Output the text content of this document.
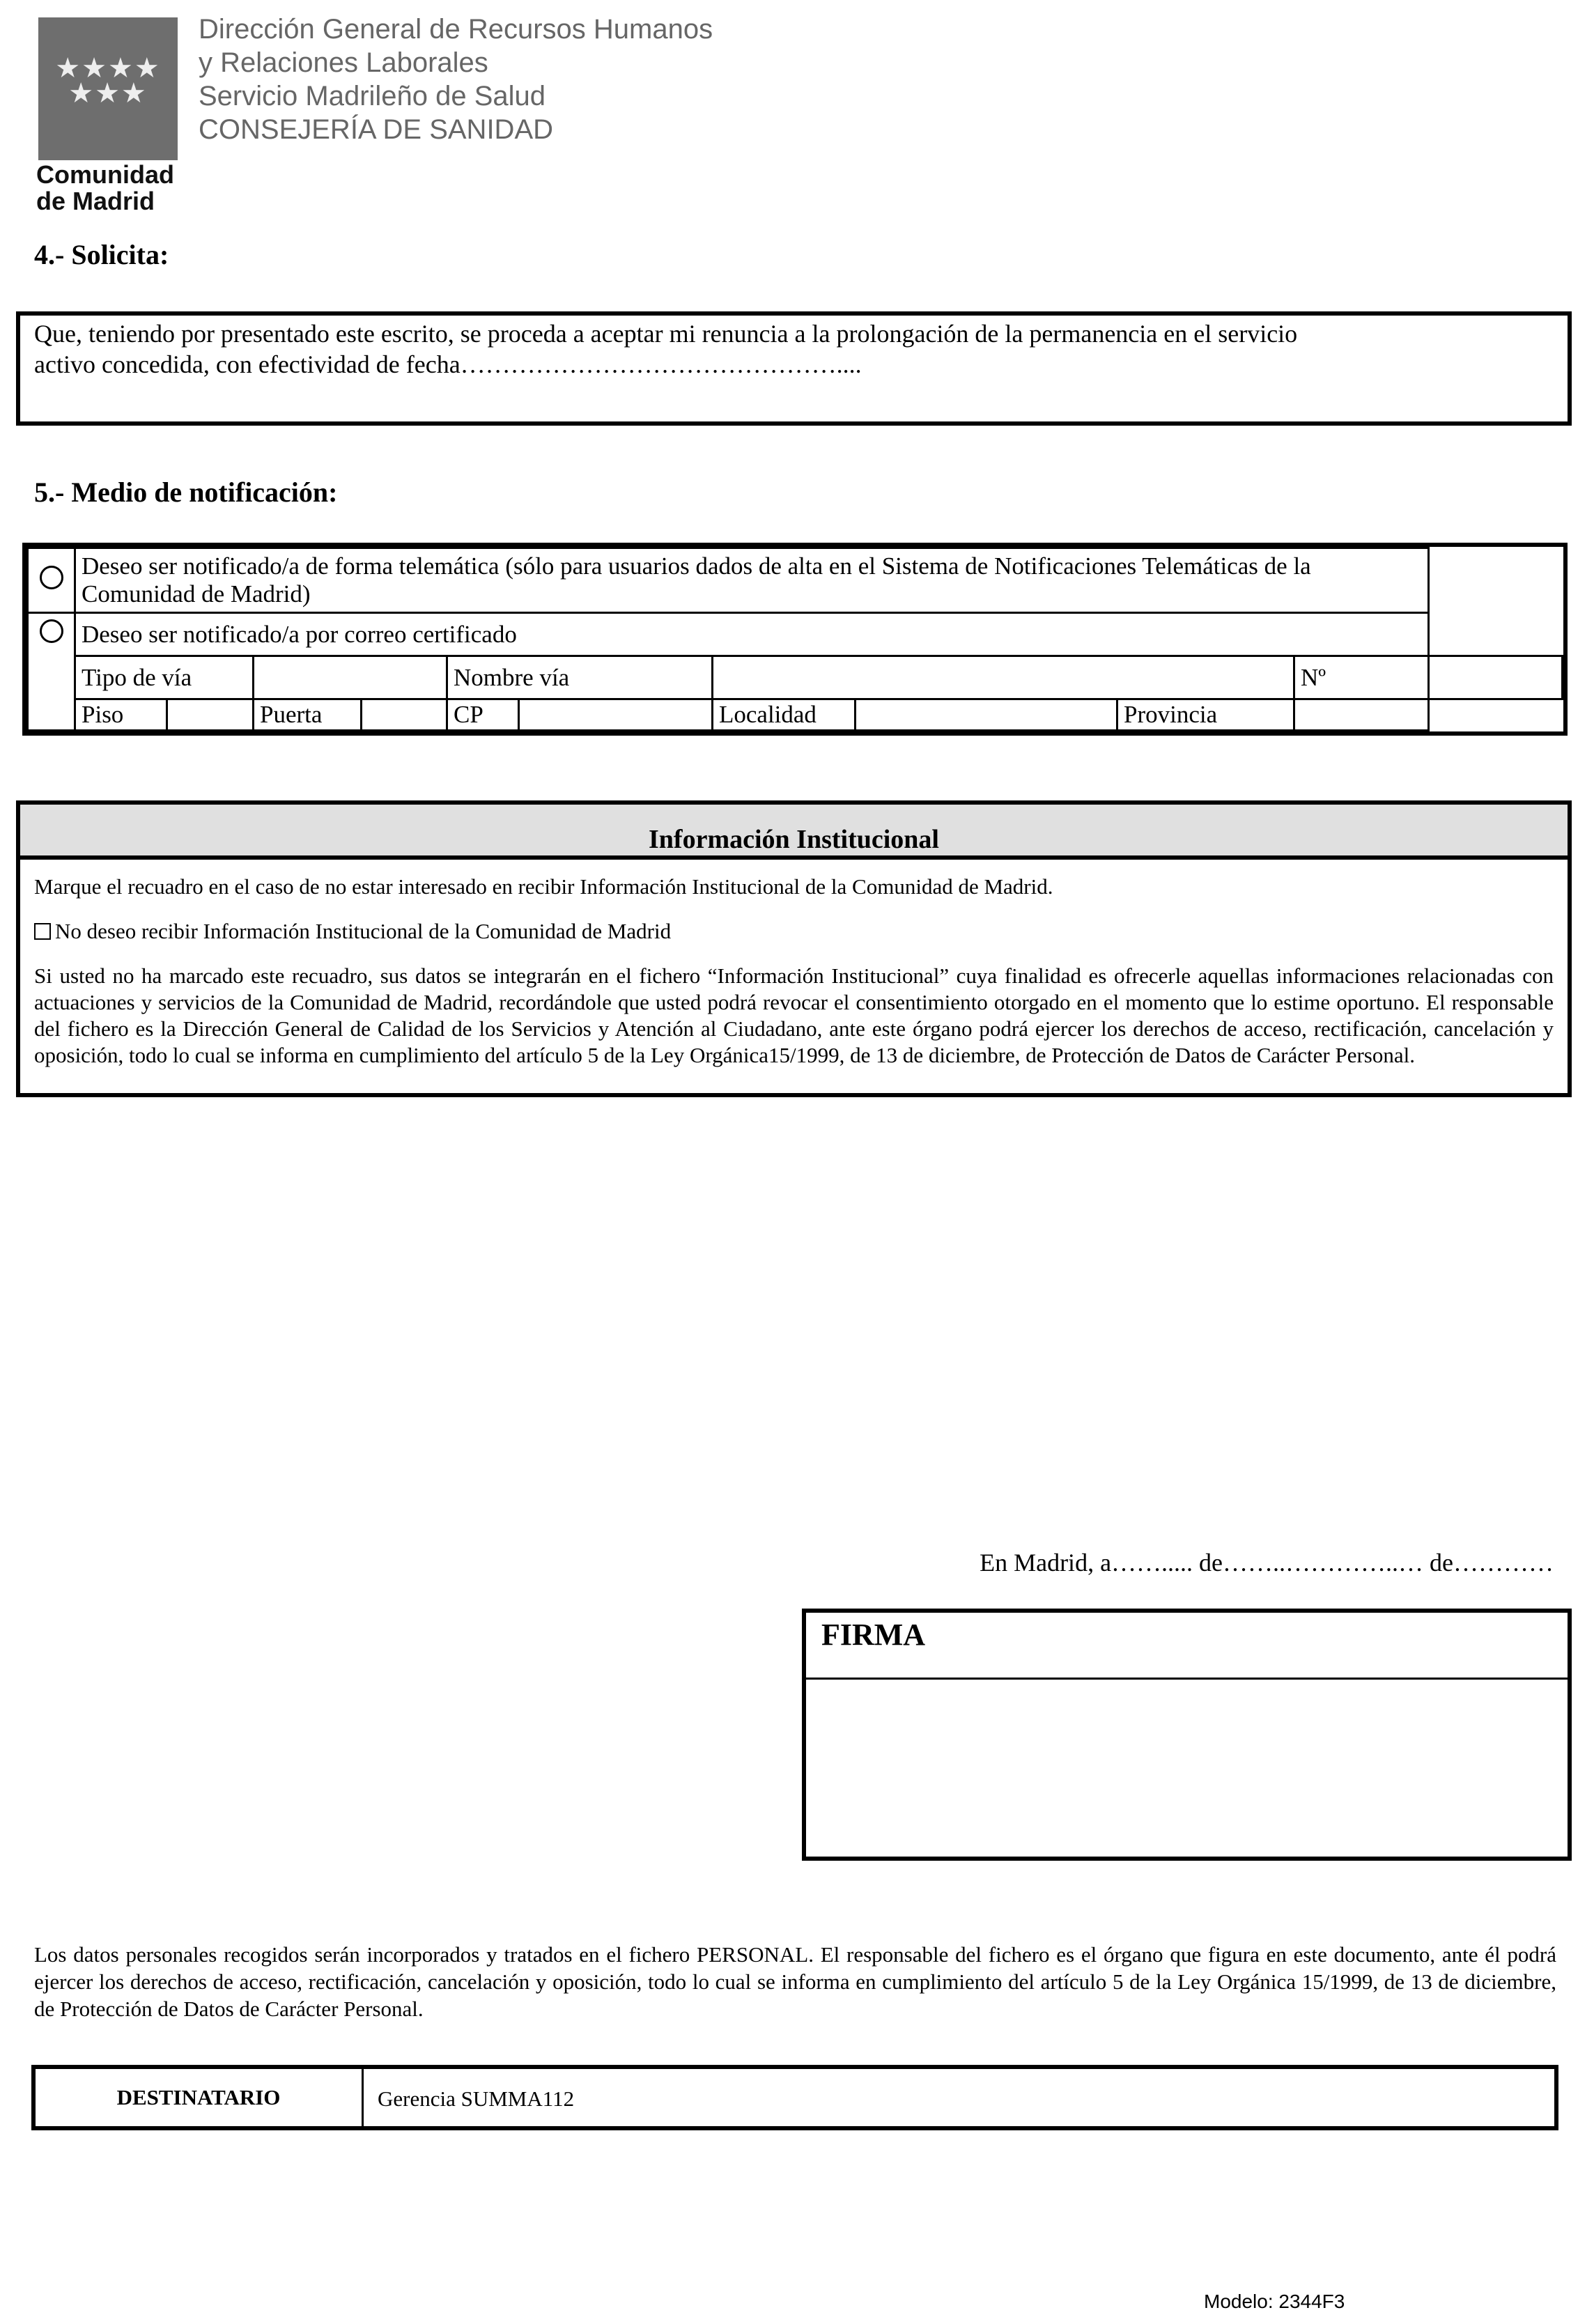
★★★★
★★★
Comunidad
de Madrid
Dirección General de Recursos Humanos
y Relaciones Laborales
Servicio Madrileño de Salud
CONSEJERÍA DE SANIDAD
4.- Solicita:
Que, teniendo por presentado este escrito, se proceda a aceptar mi renuncia a la prolongación de la permanencia en el servicio
activo concedida, con efectividad de fecha………………………………………....
5.- Medio de notificación:
	Deseo ser notificado/a de forma telemática (sólo para usuarios dados de alta en el Sistema de Notificaciones Telemáticas de la Comunidad de Madrid)										
	Deseo ser notificado/a por correo certificado										
	Tipo de vía				Nombre vía					Nº	
	Piso		Puerta		CP		Localidad		Provincia		
Información Institucional

Marque el recuadro en el caso de no estar interesado en recibir Información Institucional de la Comunidad de Madrid.

No deseo recibir Información Institucional de la Comunidad de Madrid

Si usted no ha marcado este recuadro, sus datos se integrarán en el fichero “Información Institucional” cuya finalidad es ofrecerle aquellas informaciones relacionadas con actuaciones y servicios de la Comunidad de Madrid, recordándole que usted podrá revocar el consentimiento otorgado en el momento que lo estime oportuno. El responsable del fichero es la Dirección General de Calidad de los Servicios y Atención al Ciudadano, ante este órgano podrá ejercer los derechos de acceso, rectificación, cancelación y oposición, todo lo cual se informa en cumplimiento del artículo 5 de la Ley Orgánica15/1999, de 13 de diciembre, de Protección de Datos de Carácter Personal.

En Madrid, a……..... de……..…………..… de…………
FIRMA
Los datos personales recogidos serán incorporados y tratados en el fichero PERSONAL. El responsable del fichero es el órgano que figura en este documento, ante él podrá ejercer los derechos de acceso, rectificación, cancelación y oposición, todo lo cual se informa en cumplimiento del artículo 5 de la Ley Orgánica 15/1999, de 13 de diciembre, de Protección de Datos de Carácter Personal.
DESTINATARIO	Gerencia SUMMA112
Modelo: 2344F3
